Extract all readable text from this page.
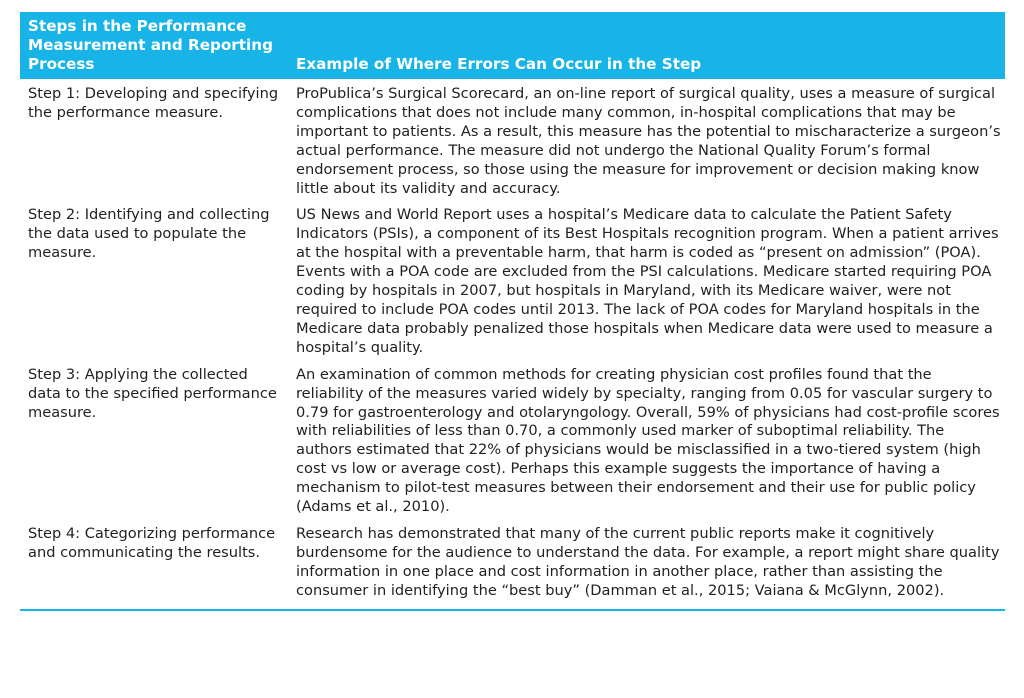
Steps in the Performance Measurement and Reporting Process	Example of Where Errors Can Occur in the Step
Step 1: Developing and specifying the performance measure.	ProPublica’s Surgical Scorecard, an on-line report of surgical quality, uses a measure of surgical complications that does not include many common, in-hospital complications that may be important to patients. As a result, this measure has the potential to mischaracterize a surgeon’s actual performance. The measure did not undergo the National Quality Forum’s formal endorsement process, so those using the measure for improvement or decision making know little about its validity and accuracy.
Step 2: Identifying and collecting the data used to populate the measure.	US News and World Report uses a hospital’s Medicare data to calculate the Patient Safety Indicators (PSIs), a component of its Best Hospitals recognition program. When a patient arrives at the hospital with a preventable harm, that harm is coded as “present on admission” (POA). Events with a POA code are excluded from the PSI calculations. Medicare started requiring POA coding by hospitals in 2007, but hospitals in Maryland, with its Medicare waiver, were not required to include POA codes until 2013. The lack of POA codes for Maryland hospitals in the Medicare data probably penalized those hospitals when Medicare data were used to measure a hospital’s quality.
Step 3: Applying the collected data to the specified performance measure.	An examination of common methods for creating physician cost profiles found that the reliability of the measures varied widely by specialty, ranging from 0.05 for vascular surgery to 0.79 for gastroenterology and otolaryngology. Overall, 59% of physicians had cost-profile scores with reliabilities of less than 0.70, a commonly used marker of suboptimal reliability. The authors estimated that 22% of physicians would be misclassified in a two-tiered system (high cost vs low or average cost). Perhaps this example suggests the importance of having a mechanism to pilot-test measures between their endorsement and their use for public policy (Adams et al., 2010).
Step 4: Categorizing performance and communicating the results.	Research has demonstrated that many of the current public reports make it cognitively burdensome for the audience to understand the data. For example, a report might share quality information in one place and cost information in another place, rather than assisting the consumer in identifying the “best buy” (Damman et al., 2015; Vaiana & McGlynn, 2002).
